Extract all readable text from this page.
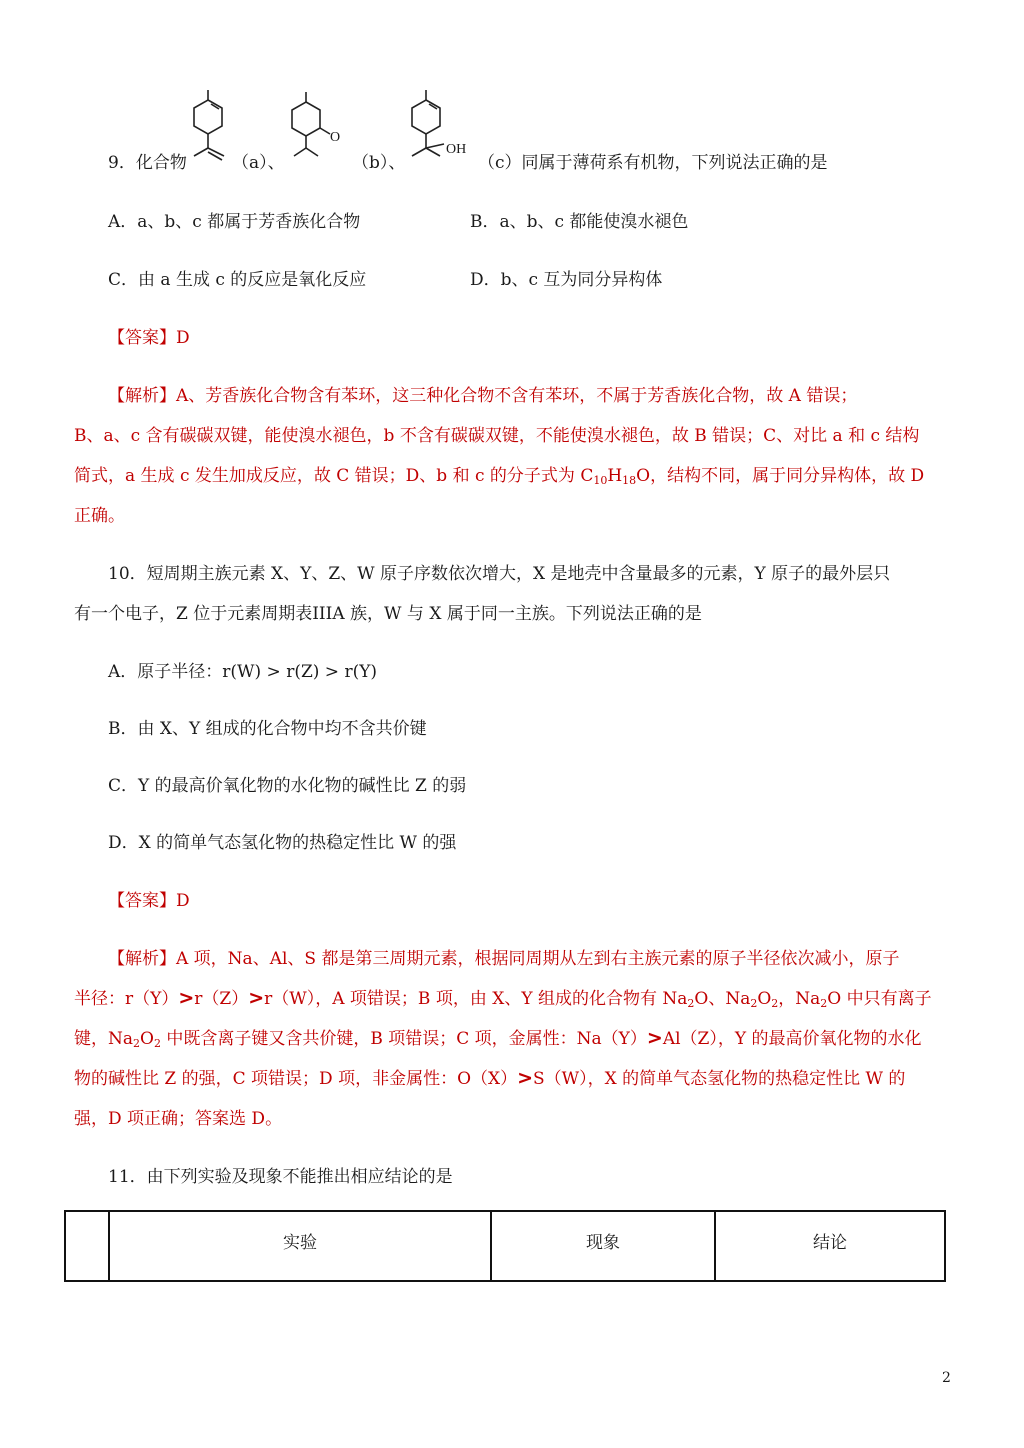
9．化合物	（a）、
O
（b）、
OH
（c）同属于薄荷系有机物，下列说法正确的是
A．a、b、c 都属于芳香族化合物	B．a、b、c 都能使溴水褪色
C．由 a 生成 c 的反应是氧化反应	D．b、c 互为同分异构体
【答案】D
【解析】A、芳香族化合物含有苯环，这三种化合物不含有苯环，不属于芳香族化合物，故 A 错误；
B、a、c 含有碳碳双键，能使溴水褪色，b 不含有碳碳双键，不能使溴水褪色，故 B 错误；C、对比 a 和 c 结构
简式，a 生成 c 发生加成反应，故 C 错误；D、b 和 c 的分子式为 $C_{10}H_{18}O$，结构不同，属于同分异构体，故 D
正确。
10．短周期主族元素 X、Y、Z、W 原子序数依次增大，X 是地壳中含量最多的元素，Y 原子的最外层只
有一个电子，Z 位于元素周期表IIIA 族，W 与 X 属于同一主族。下列说法正确的是
A．原子半径：r(W) > r(Z) > r(Y)
B．由 X、Y 组成的化合物中均不含共价键
C．Y 的最高价氧化物的水化物的碱性比 Z 的弱
D．X 的简单气态氢化物的热稳定性比 W 的强
【答案】D
【解析】A 项，Na、Al、S 都是第三周期元素，根据同周期从左到右主族元素的原子半径依次减小，原子
半径：r（Y）>r（Z）>r（W），A 项错误；B 项，由 X、Y 组成的化合物有 $Na_2O$、$Na_2O_2$，$Na_2O$ 中只有离子
键，$Na_2O_2$ 中既含离子键又含共价键，B 项错误；C 项，金属性：Na（Y）>Al（Z），Y 的最高价氧化物的水化
物的碱性比 Z 的强，C 项错误；D 项，非金属性：O（X）>S（W），X 的简单气态氢化物的热稳定性比 W 的
强，D 项正确；答案选 D。
11．由下列实验及现象不能推出相应结论的是
	实验	现象	结论
2
